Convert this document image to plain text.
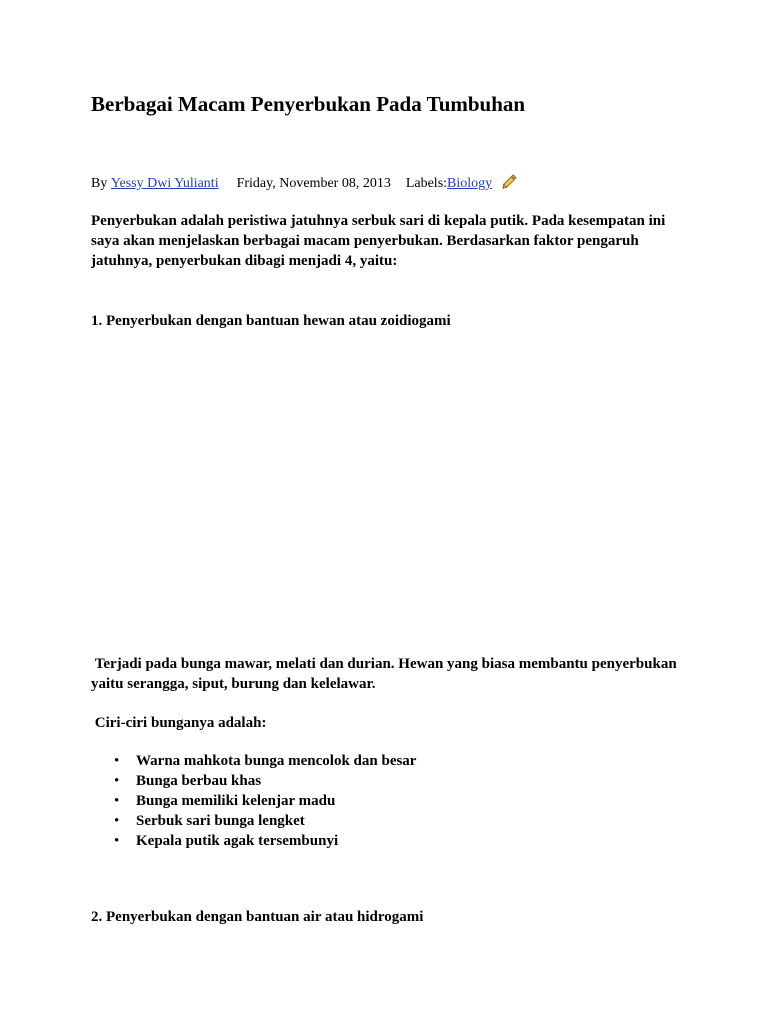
Berbagai Macam Penyerbukan Pada Tumbuhan
By
Yessy Dwi Yulianti Friday, November 08, 2013 Labels: Biology

Penyerbukan adalah peristiwa jatuhnya serbuk sari di kepala putik. Pada kesempatan ini saya akan menjelaskan berbagai macam penyerbukan. Berdasarkan faktor pengaruh jatuhnya, penyerbukan dibagi menjadi 4, yaitu:

1. Penyerbukan dengan bantuan hewan atau zoidiogami

Terjadi pada bunga mawar, melati dan durian. Hewan yang biasa membantu penyerbukan yaitu serangga, siput, burung dan kelelawar.

Ciri-ciri bunganya adalah:

• Warna mahkota bunga mencolok dan besar
• Bunga berbau khas
• Bunga memiliki kelenjar madu
• Serbuk sari bunga lengket
• Kepala putik agak tersembunyi

2. Penyerbukan dengan bantuan air atau hidrogami
